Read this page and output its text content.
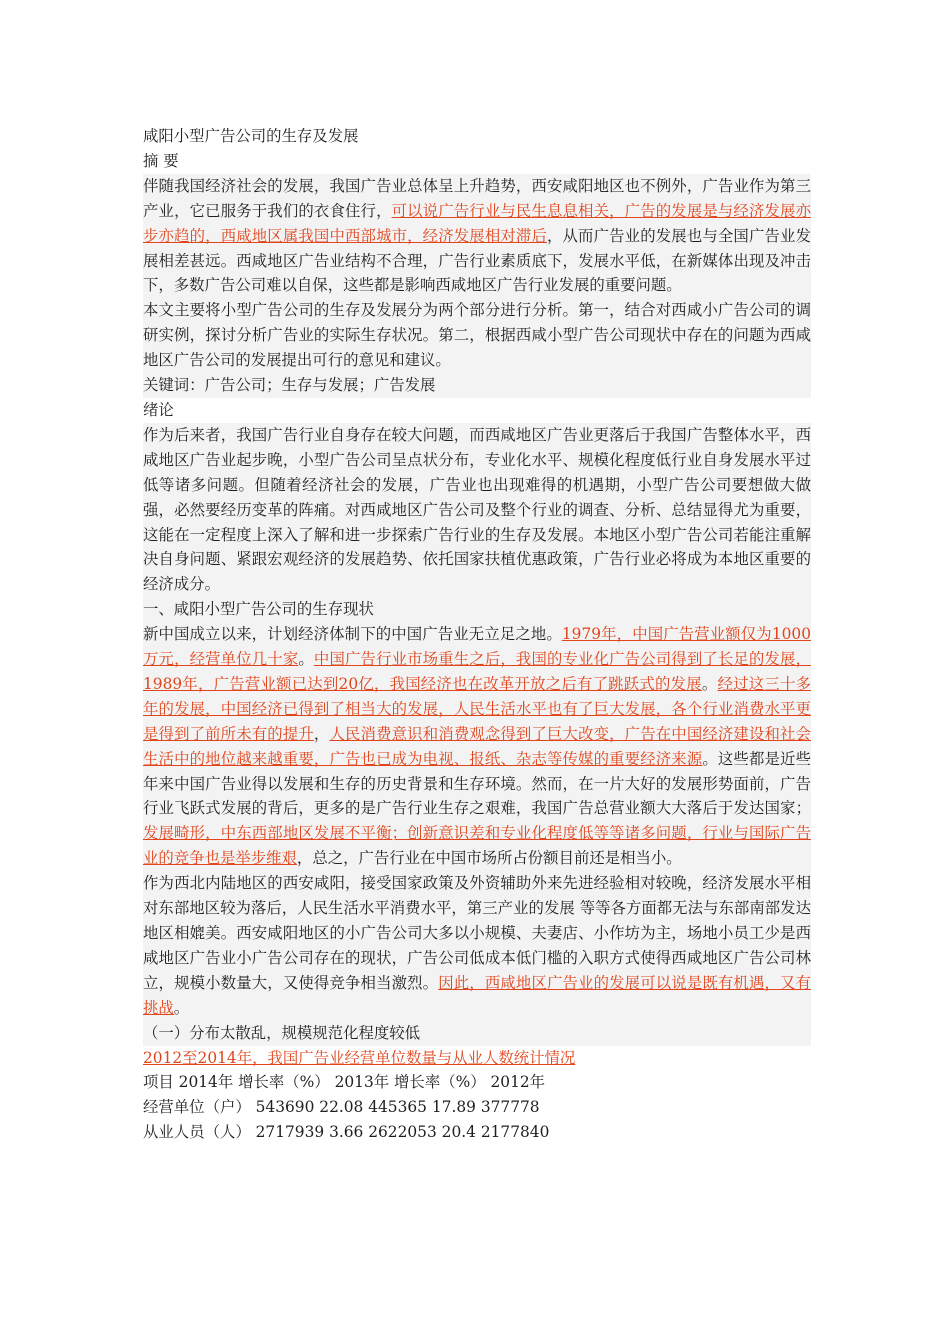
咸阳小型广告公司的生存及发展

摘 要

伴随我国经济社会的发展，我国广告业总体呈上升趋势，西安咸阳地区也不例外，广告业作为第三产业，它已服务于我们的衣食住行，可以说广告行业与民生息息相关，广告的发展是与经济发展亦步亦趋的，西咸地区属我国中西部城市，经济发展相对滞后，从而广告业的发展也与全国广告业发展相差甚远。西咸地区广告业结构不合理，广告行业素质底下，发展水平低，在新媒体出现及冲击下，多数广告公司难以自保，这些都是影响西咸地区广告行业发展的重要问题。

本文主要将小型广告公司的生存及发展分为两个部分进行分析。第一，结合对西咸小广告公司的调研实例，探讨分析广告业的实际生存状况。第二，根据西咸小型广告公司现状中存在的问题为西咸地区广告公司的发展提出可行的意见和建议。

关键词：广告公司；生存与发展；广告发展

绪论

作为后来者，我国广告行业自身存在较大问题，而西咸地区广告业更落后于我国广告整体水平，西咸地区广告业起步晚，小型广告公司呈点状分布，专业化水平、规模化程度低行业自身发展水平过低等诸多问题。但随着经济社会的发展，广告业也出现难得的机遇期，小型广告公司要想做大做强，必然要经历变革的阵痛。对西咸地区广告公司及整个行业的调查、分析、总结显得尤为重要，这能在一定程度上深入了解和进一步探索广告行业的生存及发展。本地区小型广告公司若能注重解决自身问题、紧跟宏观经济的发展趋势、依托国家扶植优惠政策，广告行业必将成为本地区重要的经济成分。

一、咸阳小型广告公司的生存现状

新中国成立以来，计划经济体制下的中国广告业无立足之地。1979年，中国广告营业额仅为1000万元，经营单位几十家。中国广告行业市场重生之后，我国的专业化广告公司得到了长足的发展，1989年，广告营业额已达到20亿，我国经济也在改革开放之后有了跳跃式的发展。经过这三十多年的发展，中国经济已得到了相当大的发展，人民生活水平也有了巨大发展，各个行业消费水平更是得到了前所未有的提升，人民消费意识和消费观念得到了巨大改变，广告在中国经济建设和社会生活中的地位越来越重要，广告也已成为电视、报纸、杂志等传媒的重要经济来源。这些都是近些年来中国广告业得以发展和生存的历史背景和生存环境。然而，在一片大好的发展形势面前，广告行业飞跃式发展的背后，更多的是广告行业生存之艰难，我国广告总营业额大大落后于发达国家；发展畸形，中东西部地区发展不平衡；创新意识差和专业化程度低等等诸多问题，行业与国际广告业的竞争也是举步维艰，总之，广告行业在中国市场所占份额目前还是相当小。

作为西北内陆地区的西安咸阳，接受国家政策及外资辅助外来先进经验相对较晚，经济发展水平相对东部地区较为落后，人民生活水平消费水平，第三产业的发展 等等各方面都无法与东部南部发达地区相媲美。西安咸阳地区的小广告公司大多以小规模、夫妻店、小作坊为主，场地小员工少是西咸地区广告业小广告公司存在的现状，广告公司低成本低门槛的入职方式使得西咸地区广告公司林立，规模小数量大，又使得竞争相当激烈。因此，西咸地区广告业的发展可以说是既有机遇，又有挑战。

（一）分布太散乱，规模规范化程度较低

2012至2014年，我国广告业经营单位数量与从业人数统计情况

项目 2014年 增长率（%） 2013年 增长率（%） 2012年

经营单位（户） 543690 22.08 445365 17.89 377778

从业人员（人） 2717939 3.66 2622053 20.4 2177840
